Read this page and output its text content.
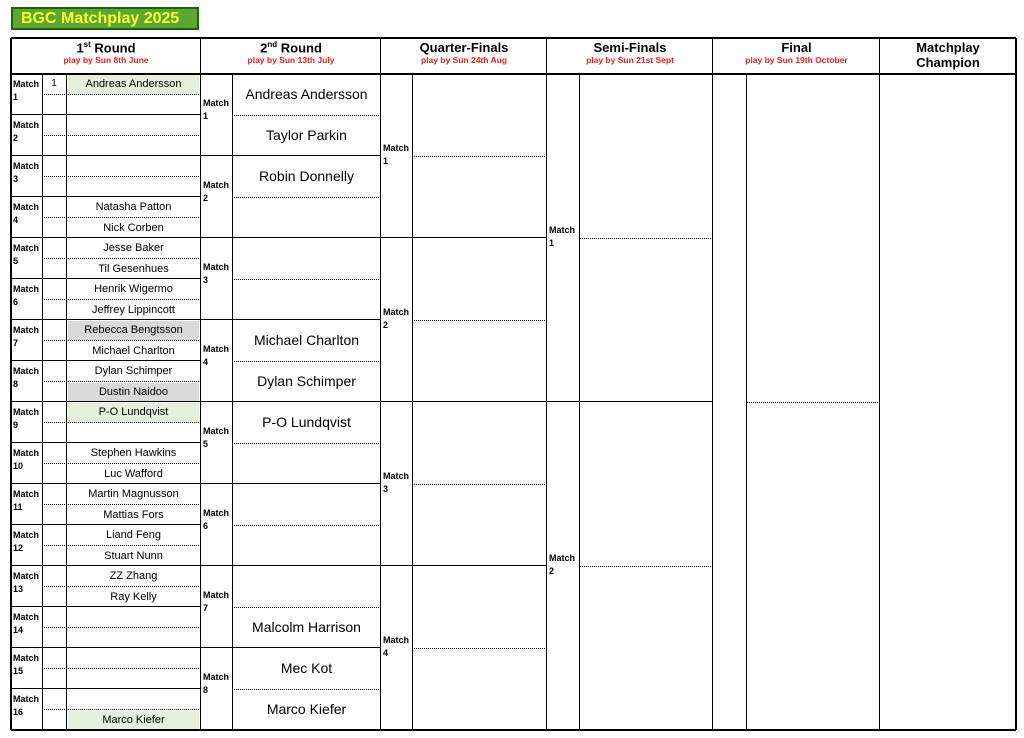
BGC Matchplay 2025
1st Round
play by Sun 8th June
2nd Round
play by Sun 13th July
Quarter-Finals
play by Sun 24th Aug
Semi-Finals
play by Sun 21st Sept
Final
play by Sun 19th October
Matchplay
Champion
Match
1
1	Andreas Andersson
Match
2
Match
3
Match
4
Natasha Patton
Nick Corben
Match
5
Jesse Baker
Til Gesenhues
Match
6
Henrik Wigermo
Jeffrey Lippincott
Match
7
Rebecca Bengtsson
Michael Charlton
Match
8
Dylan Schimper
Dustin Naidoo
Match
9
P-O Lundqvist
Match
10
Stephen Hawkins
Luc Wafford
Match
11
Martin Magnusson
Mattias Fors
Match
12
Liand Feng
Stuart Nunn
Match
13
ZZ Zhang
Ray Kelly
Match
14
Match
15
Match
16
Marco Kiefer
Match
1
Andreas Andersson
Taylor Parkin
Match
2
Robin Donnelly
Match
3
Match
4
Michael Charlton
Dylan Schimper
Match
5
P-O Lundqvist
Match
6
Match
7
Malcolm Harrison
Match
8
Mec Kot
Marco Kiefer
Match
1
Match
2
Match
3
Match
4
Match
1
Match
2
